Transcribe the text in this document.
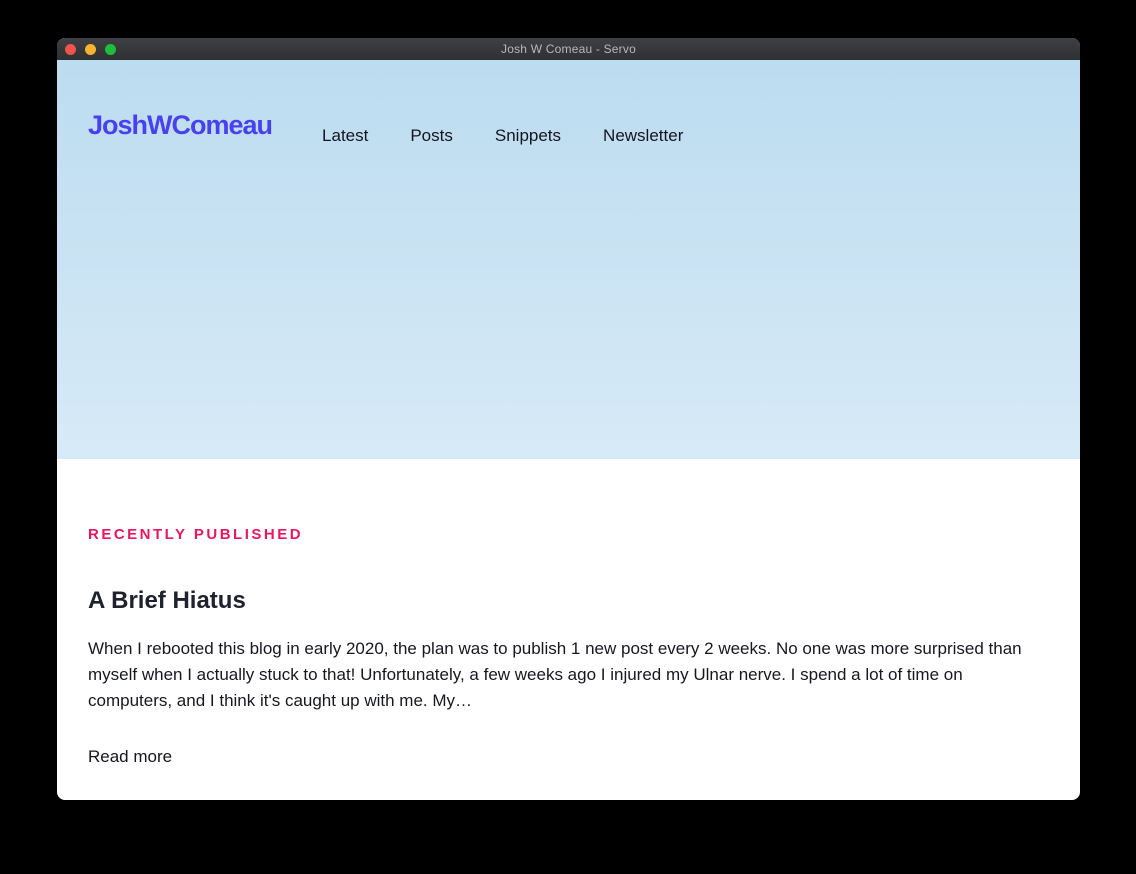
Josh W Comeau - Servo
JoshWComeau	Latest Posts Snippets Newsletter
RECENTLY PUBLISHED
A Brief Hiatus

When I rebooted this blog in early 2020, the plan was to publish 1 new post every 2 weeks. No one was more surprised than myself when I actually stuck to that! Unfortunately, a few weeks ago I injured my Ulnar nerve. I spend a lot of time on computers, and I think it's caught up with me. My…

Read more
